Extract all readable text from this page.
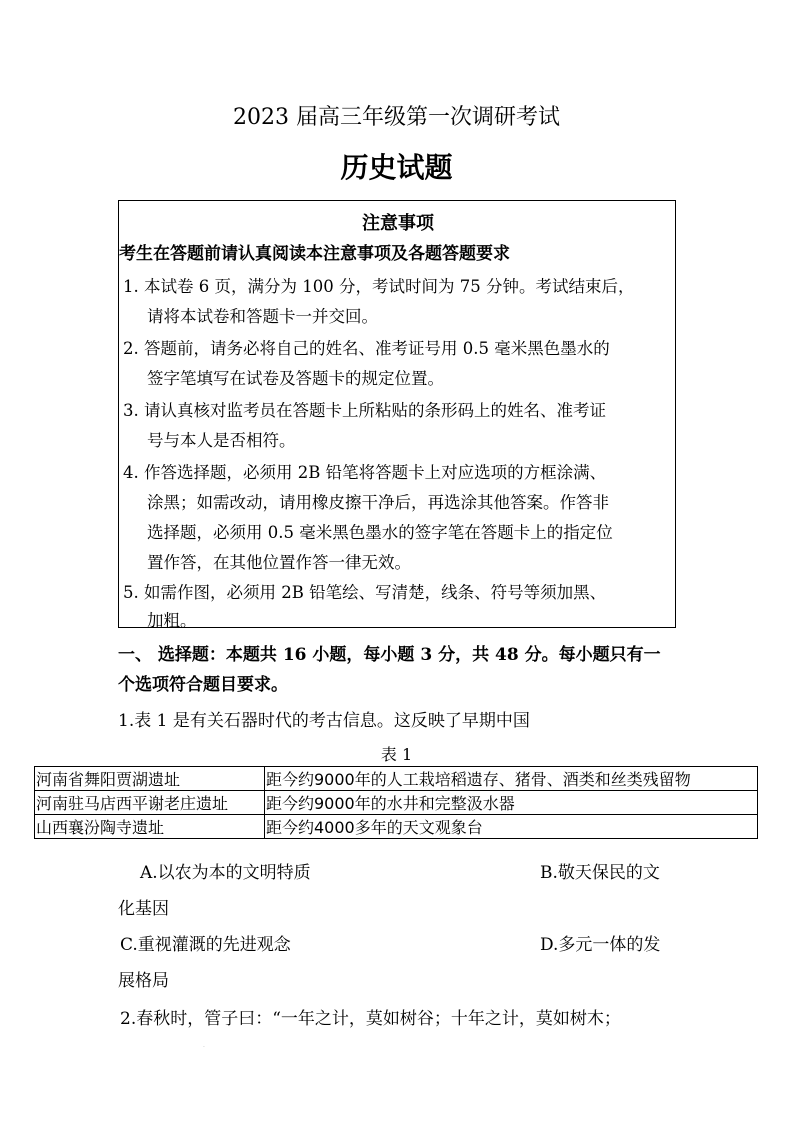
2023 届高三年级第一次调研考试
历史试题
注意事项
考生在答题前请认真阅读本注意事项及各题答题要求
1. 本试卷 6 页，满分为 100 分，考试时间为 75 分钟。考试结束后，
请将本试卷和答题卡一并交回。
2. 答题前，请务必将自己的姓名、准考证号用 0.5 毫米黑色墨水的
签字笔填写在试卷及答题卡的规定位置。
3. 请认真核对监考员在答题卡上所粘贴的条形码上的姓名、准考证
号与本人是否相符。
4. 作答选择题，必须用 2B 铅笔将答题卡上对应选项的方框涂满、
涂黑；如需改动，请用橡皮擦干净后，再选涂其他答案。作答非
选择题，必须用 0.5 毫米黑色墨水的签字笔在答题卡上的指定位
置作答，在其他位置作答一律无效。
5. 如需作图，必须用 2B 铅笔绘、写清楚，线条、符号等须加黑、
加粗。
一、 选择题：本题共 16 小题，每小题 3 分，共 48 分。每小题只有一
个选项符合题目要求。
1.表 1 是有关石器时代的考古信息。这反映了早期中国
表 1
河南省舞阳贾湖遗址	距今约9000年的人工栽培稻遗存、猪骨、酒类和丝类残留物
河南驻马店西平谢老庄遗址	距今约9000年的水井和完整汲水器
山西襄汾陶寺遗址	距今约4000多年的天文观象台
A.以农为本的文明特质	B.敬天保民的文
化基因
C.重视灌溉的先进观念	D.多元一体的发
展格局
2.春秋时，管子曰：“一年之计，莫如树谷；十年之计，莫如树木；
·
